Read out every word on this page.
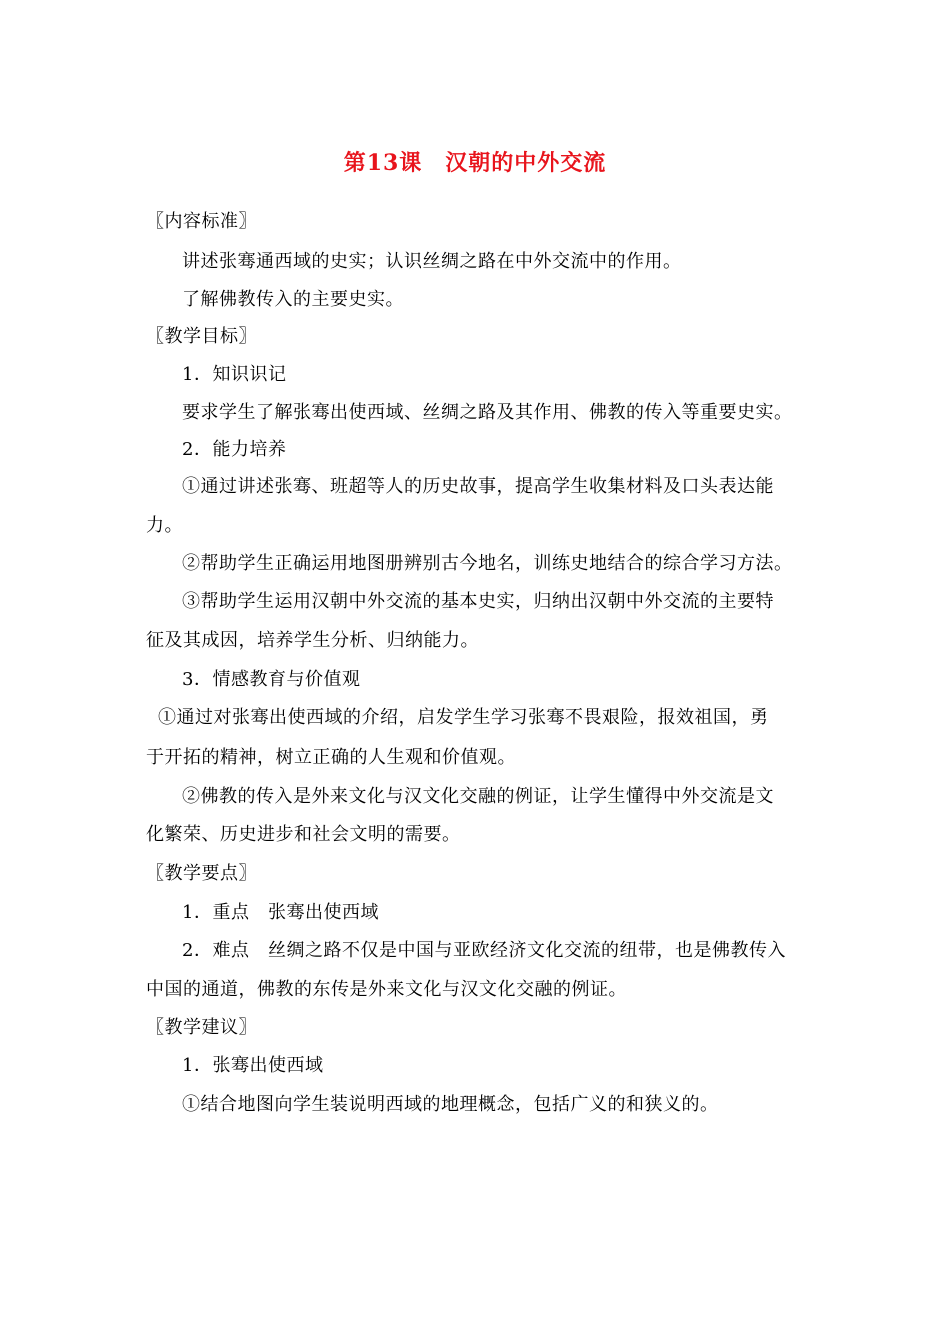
第13课　汉朝的中外交流
〖内容标准〗
讲述张骞通西域的史实；认识丝绸之路在中外交流中的作用。
了解佛教传入的主要史实。
〖教学目标〗
1．知识识记
要求学生了解张骞出使西域、丝绸之路及其作用、佛教的传入等重要史实。
2．能力培养
①通过讲述张骞、班超等人的历史故事，提高学生收集材料及口头表达能
力。
②帮助学生正确运用地图册辨别古今地名，训练史地结合的综合学习方法。
③帮助学生运用汉朝中外交流的基本史实，归纳出汉朝中外交流的主要特
征及其成因，培养学生分析、归纳能力。
3．情感教育与价值观
①通过对张骞出使西域的介绍，启发学生学习张骞不畏艰险，报效祖国，勇
于开拓的精神，树立正确的人生观和价值观。
②佛教的传入是外来文化与汉文化交融的例证，让学生懂得中外交流是文
化繁荣、历史进步和社会文明的需要。
〖教学要点〗
1．重点　张骞出使西域
2．难点　丝绸之路不仅是中国与亚欧经济文化交流的纽带，也是佛教传入
中国的通道，佛教的东传是外来文化与汉文化交融的例证。
〖教学建议〗
1．张骞出使西域
①结合地图向学生装说明西域的地理概念，包括广义的和狭义的。
